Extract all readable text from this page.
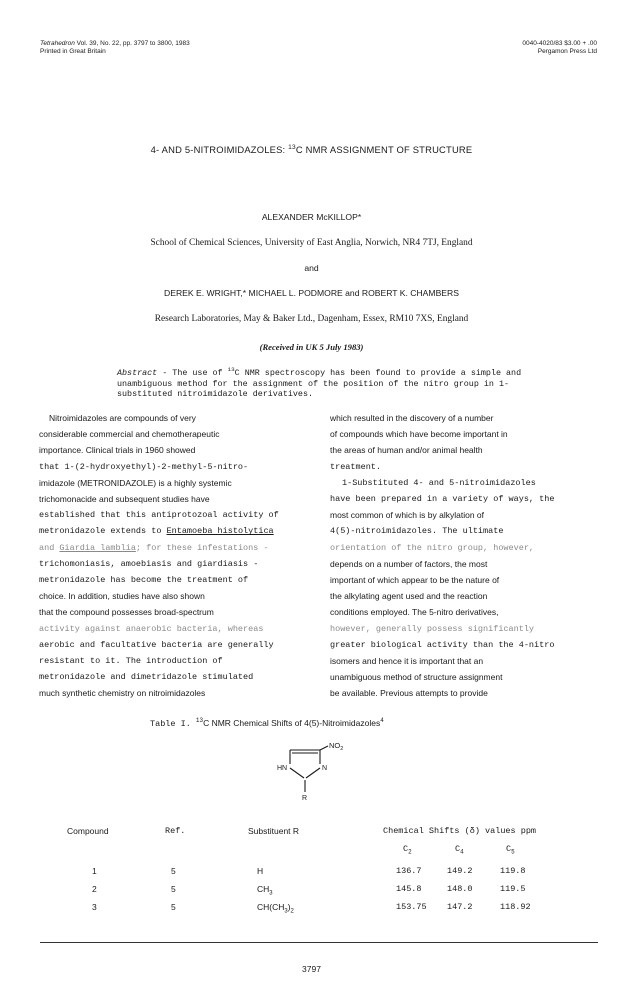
Tetrahedron Vol. 39, No. 22, pp. 3797 to 3800, 1983
Printed in Great Britain
0040-4020/83 $3.00 + .00
Pergamon Press Ltd
4- AND 5-NITROIMIDAZOLES: $^{13}$C NMR ASSIGNMENT OF STRUCTURE
ALEXANDER McKILLOP*
School of Chemical Sciences, University of East Anglia, Norwich, NR4 7TJ, England
and
DEREK E. WRIGHT,* MICHAEL L. PODMORE and ROBERT K. CHAMBERS
Research Laboratories, May & Baker Ltd., Dagenham, Essex, RM10 7XS, England
(Received in UK 5 July 1983)
Abstract - The use of $^{13}$C NMR spectroscopy has been found to provide a simple and unambiguous method for the assignment of the position of the nitro group in 1-substituted nitroimidazole derivatives.
Nitroimidazoles are compounds of very
considerable commercial and chemotherapeutic
importance. Clinical trials in 1960 showed
that 1-(2-hydroxyethyl)-2-methyl-5-nitro-
imidazole (METRONIDAZOLE) is a highly systemic
trichomonacide and subsequent studies have
established that this antiprotozoal activity of
metronidazole extends to Entamoeba histolytica
and Giardia lamblia; for these infestations -
trichomoniasis, amoebiasis and giardiasis -
metronidazole has become the treatment of
choice. In addition, studies have also shown
that the compound possesses broad-spectrum
activity against anaerobic bacteria, whereas
aerobic and facultative bacteria are generally
resistant to it. The introduction of
metronidazole and dimetridazole stimulated
much synthetic chemistry on nitroimidazoles
which resulted in the discovery of a number
of compounds which have become important in
the areas of human and/or animal health
treatment.
1-Substituted 4- and 5-nitroimidazoles
have been prepared in a variety of ways, the
most common of which is by alkylation of
4(5)-nitroimidazoles. The ultimate
orientation of the nitro group, however,
depends on a number of factors, the most
important of which appear to be the nature of
the alkylating agent used and the reaction
conditions employed. The 5-nitro derivatives,
however, generally possess significantly
greater biological activity than the 4-nitro
isomers and hence it is important that an
unambiguous method of structure assignment
be available. Previous attempts to provide
Table I. $^{13}$C NMR Chemical Shifts of 4(5)-Nitroimidazoles$^4$
$NO_2$
HN	N
R
Compound	Ref.	Substituent R	Chemical Shifts (δ) values ppm
$C_2$	$C_4$	$C_5$
1	5	H	136.7	149.2	119.8
2	5	$CH_3$	145.8	148.0	119.5
3	5	$CH(CH_3)_2$	153.75 147.2	118.92
3797
